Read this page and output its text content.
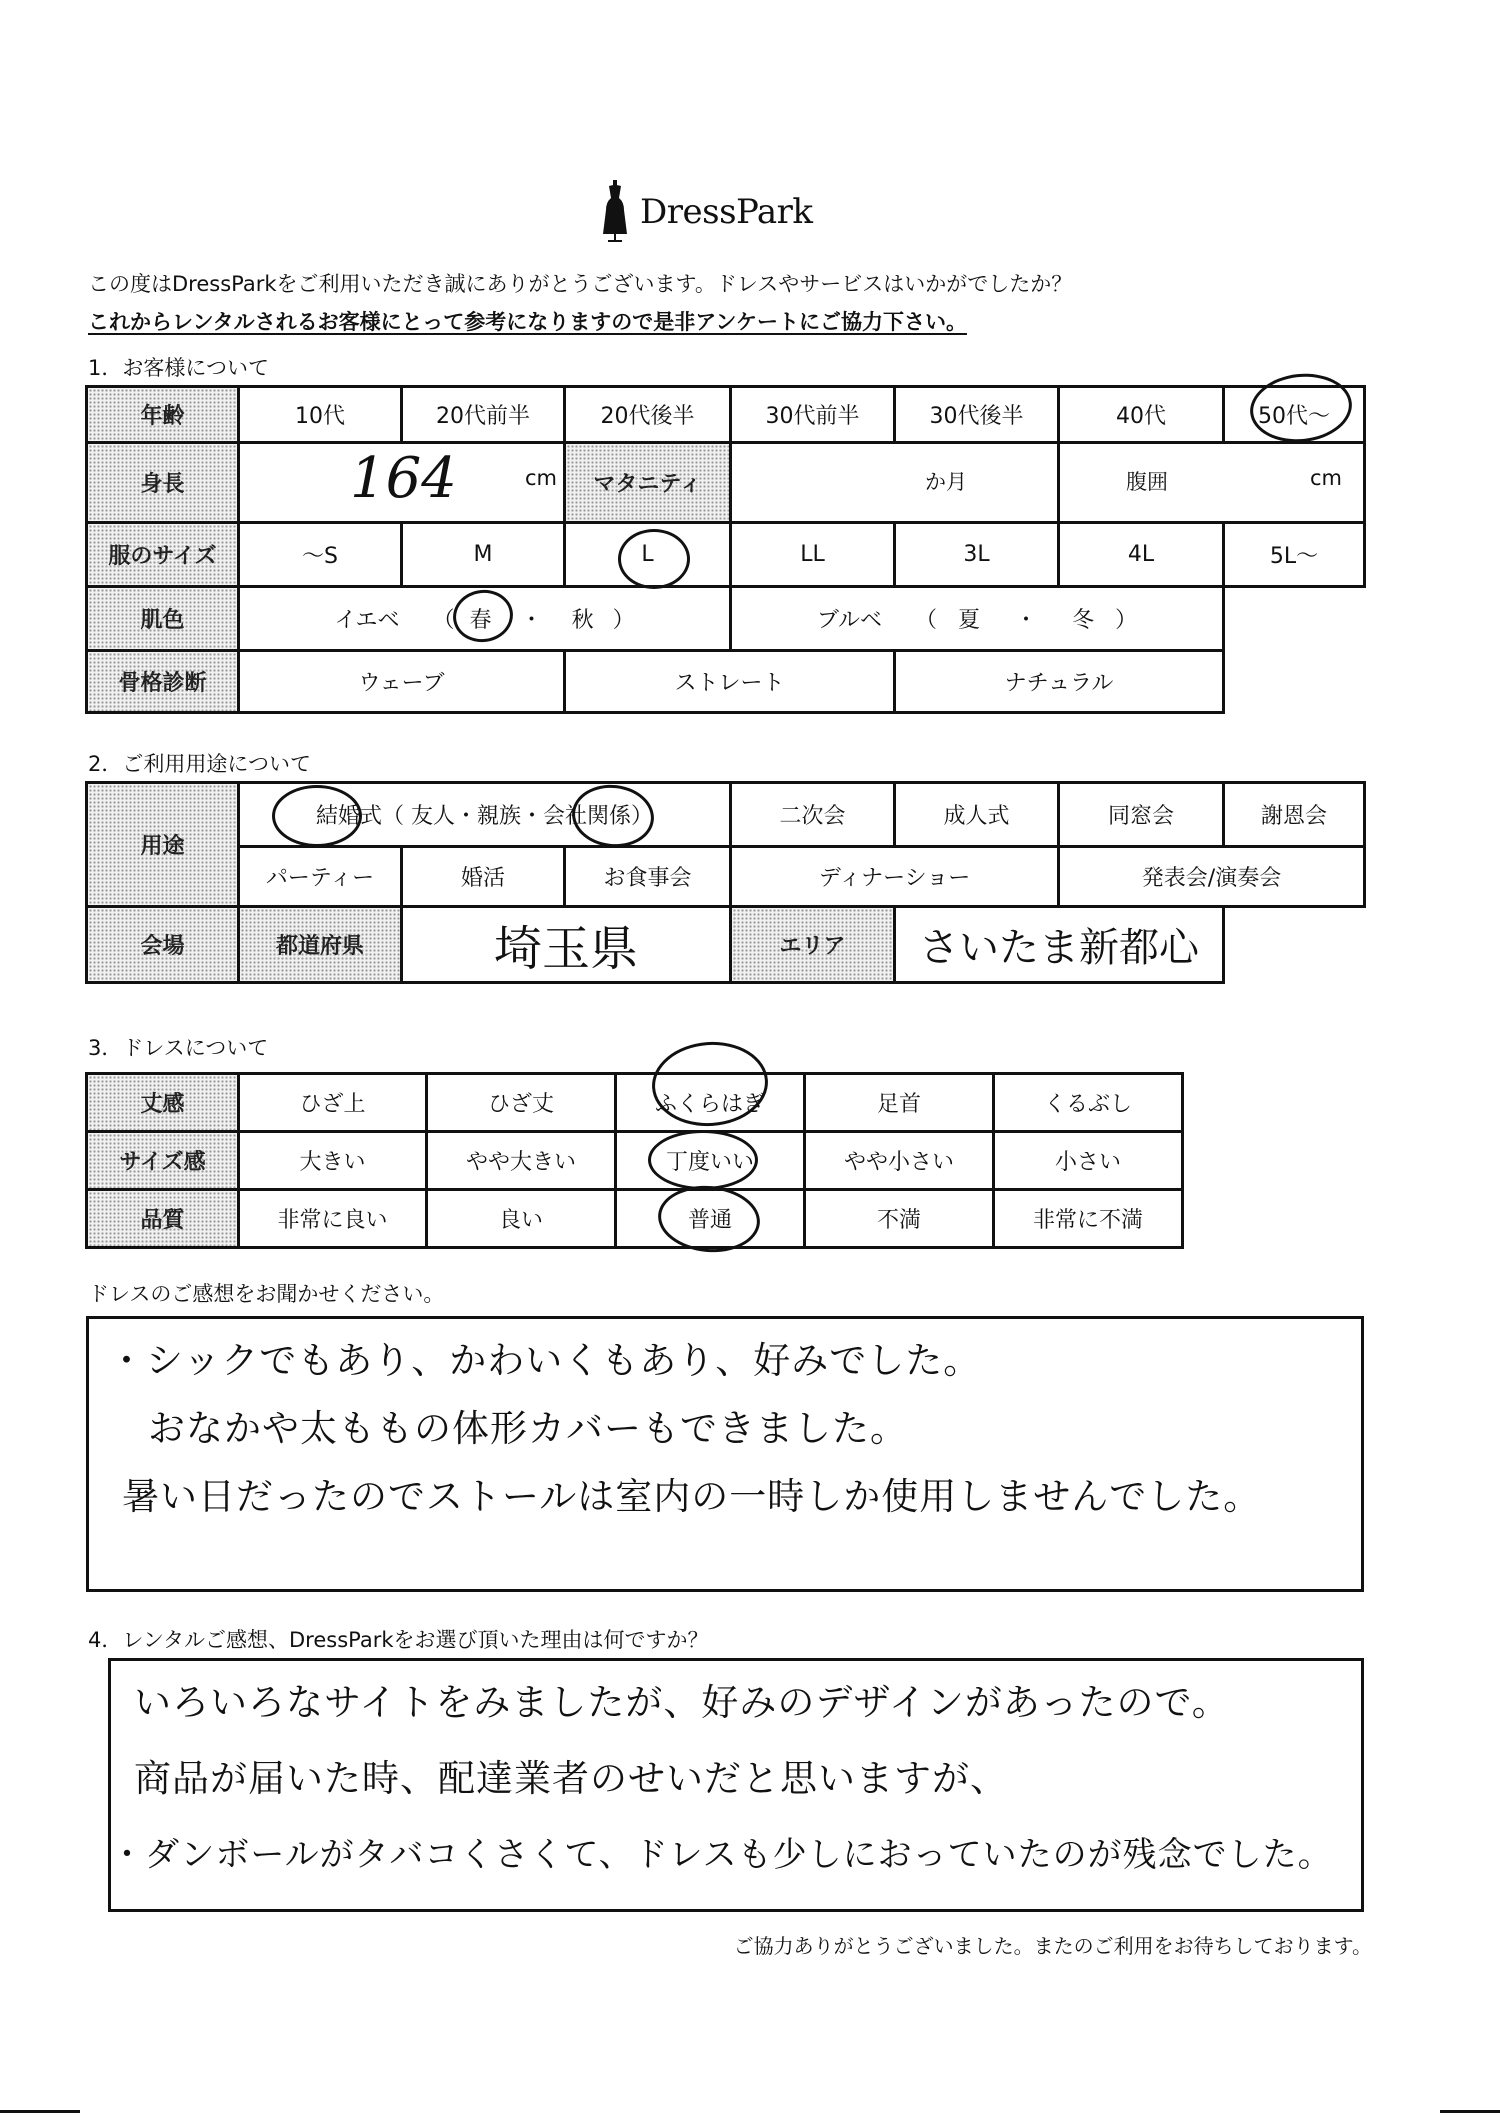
DressPark
この度はDressParkをご利用いただき誠にありがとうございます。ドレスやサービスはいかがでしたか？
これからレンタルされるお客様にとって参考になりますので是非アンケートにご協力下さい。
1．お客様について
年齢	10代	20代前半	20代後半	30代前半	30代後半	40代	50代～
身長	164 cm		マタニティ	か月		腹囲 cm	

服のサイズ	～S	M	L	LL	3L	4L	5L～
肌色	イエベ （ 春 ・ 秋 ）			ブルベ （ 夏 ・ 冬 ）			
骨格診断	ウェーブ		ストレート		ナチュラル		
2．ご利用用途について
用途	結婚式（ 友人・親族・会社関係）			二次会	成人式	同窓会	謝恩会
	パーティー	婚活	お食事会	ディナーショー		発表会/演奏会	
会場	都道府県	埼玉県		エリア	さいたま新都心		
3．ドレスについて
丈感	ひざ上	ひざ丈	ふくらはぎ	足首	くるぶし
サイズ感	大きい	やや大きい	丁度いい	やや小さい	小さい
品質	非常に良い	良い	普通	不満	非常に不満
ドレスのご感想をお聞かせください。
・シックでもあり、かわいくもあり、好みでした。
おなかや太ももの体形カバーもできました。
暑い日だったのでストールは室内の一時しか使用しませんでした。
4．レンタルご感想、DressParkをお選び頂いた理由は何ですか？
いろいろなサイトをみましたが、好みのデザインがあったので。
商品が届いた時、配達業者のせいだと思いますが、
・ダンボールがタバコくさくて、ドレスも少しにおっていたのが残念でした。
ご協力ありがとうございました。またのご利用をお待ちしております。
